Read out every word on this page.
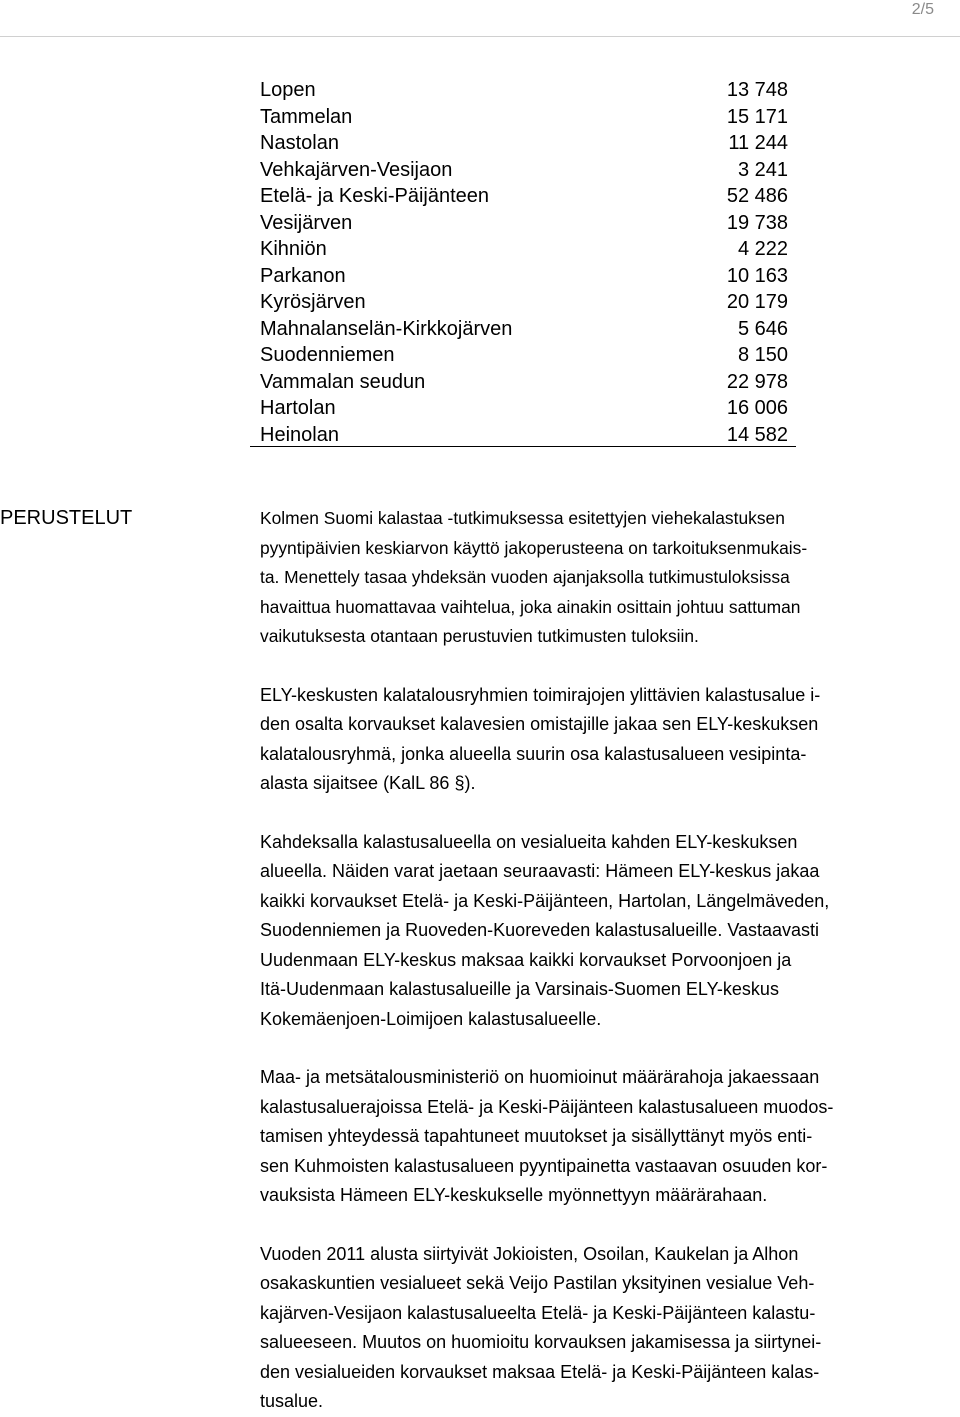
2/5
Lopen	13 748
Tammelan	15 171
Nastolan	11 244
Vehkajärven-Vesijaon	3 241
Etelä- ja Keski-Päijänteen	52 486
Vesijärven	19 738
Kihniön	4 222
Parkanon	10 163
Kyrösjärven	20 179
Mahnalanselän-Kirkkojärven	5 646
Suodenniemen	8 150
Vammalan seudun	22 978
Hartolan	16 006
Heinolan	14 582
PERUSTELUT	Kolmen Suomi kalastaa -tutkimuksessa esitettyjen viehekalastuksen
pyyntipäivien keskiarvon käyttö jakoperusteena on tarkoituksenmukais-
ta. Menettely tasaa yhdeksän vuoden ajanjaksolla tutkimustuloksissa
havaittua huomattavaa vaihtelua, joka ainakin osittain johtuu sattuman
vaikutuksesta otantaan perustuvien tutkimusten tuloksiin.

ELY-keskusten kalatalousryhmien toimirajojen ylittävien kalastusalue i-
den osalta korvaukset kalavesien omistajille jakaa sen ELY-keskuksen
kalatalousryhmä, jonka alueella suurin osa kalastusalueen vesipinta-
alasta sijaitsee (KalL 86 §).

Kahdeksalla kalastusalueella on vesialueita kahden ELY-keskuksen
alueella. Näiden varat jaetaan seuraavasti: Hämeen ELY-keskus jakaa
kaikki korvaukset Etelä- ja Keski-Päijänteen, Hartolan, Längelmäveden,
Suodenniemen ja Ruoveden-Kuoreveden kalastusalueille. Vastaavasti
Uudenmaan ELY-keskus maksaa kaikki korvaukset Porvoonjoen ja
Itä-Uudenmaan kalastusalueille ja Varsinais-Suomen ELY-keskus
Kokemäenjoen-Loimijoen kalastusalueelle.

Maa- ja metsätalousministeriö on huomioinut määrärahoja jakaessaan
kalastusaluerajoissa Etelä- ja Keski-Päijänteen kalastusalueen muodos-
tamisen yhteydessä tapahtuneet muutokset ja sisällyttänyt myös enti-
sen Kuhmoisten kalastusalueen pyyntipainetta vastaavan osuuden kor-
vauksista Hämeen ELY-keskukselle myönnettyyn määrärahaan.

Vuoden 2011 alusta siirtyivät Jokioisten, Osoilan, Kaukelan ja Alhon
osakaskuntien vesialueet sekä Veijo Pastilan yksityinen vesialue Veh-
kajärven-Vesijaon kalastusalueelta Etelä- ja Keski-Päijänteen kalastu-
salueeseen. Muutos on huomioitu korvauksen jakamisessa ja siirtynei-
den vesialueiden korvaukset maksaa Etelä- ja Keski-Päijänteen kalas-
tusalue.
